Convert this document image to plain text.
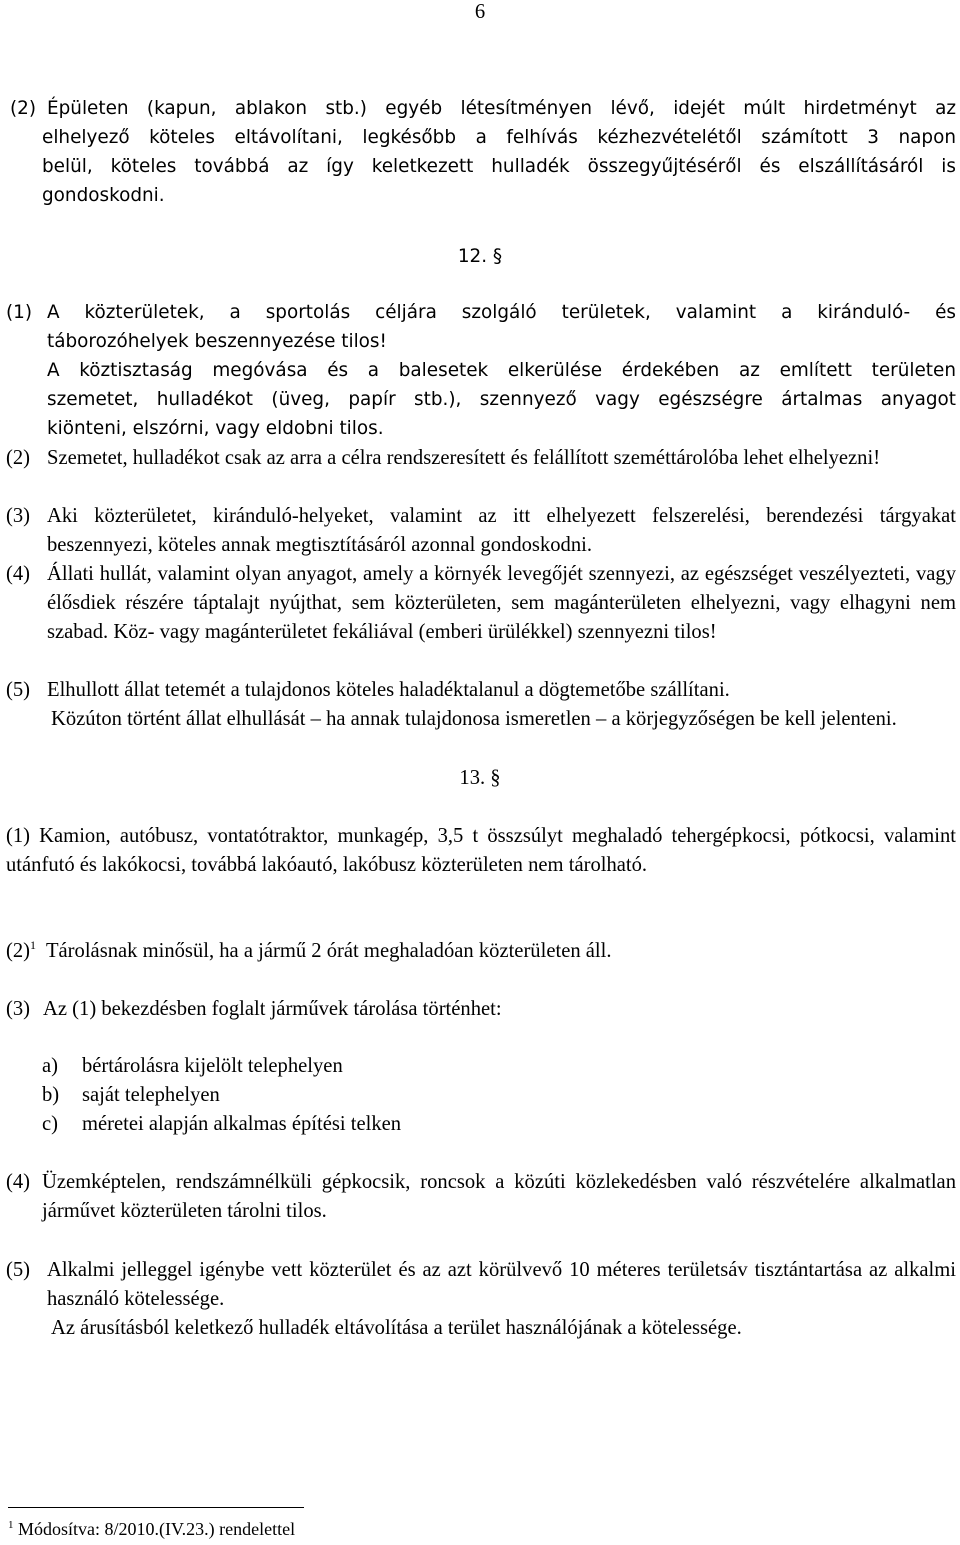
6
(2) Épületen (kapun, ablakon stb.) egyéb létesítményen lévő, idejét múlt hirdetményt az
elhelyező köteles eltávolítani, legkésőbb a felhívás kézhezvételétől számított 3 napon
belül, köteles továbbá az így keletkezett hulladék összegyűjtéséről és elszállításáról is
gondoskodni.
12. §
(1) A közterületek, a sportolás céljára szolgáló területek, valamint a kiránduló- és
táborozóhelyek beszennyezése tilos!
A köztisztaság megóvása és a balesetek elkerülése érdekében az említett területen
szemetet, hulladékot (üveg, papír stb.), szennyező vagy egészségre ártalmas anyagot
kiönteni, elszórni, vagy eldobni tilos.
(2) Szemetet, hulladékot csak az arra a célra rendszeresített és felállított szeméttárolóba lehet elhelyezni!
(3) Aki közterületet, kiránduló-helyeket, valamint az itt elhelyezett felszerelési, berendezési tárgyakat beszennyezi, köteles annak megtisztításáról azonnal gondoskodni.
(4) Állati hullát, valamint olyan anyagot, amely a környék levegőjét szennyezi, az egészséget veszélyezteti, vagy élősdiek részére táptalajt nyújthat, sem közterületen, sem magánterületen elhelyezni, vagy elhagyni nem szabad. Köz- vagy magánterületet fekáliával (emberi ürülékkel) szennyezni tilos!
(5) Elhullott állat tetemét a tulajdonos köteles haladéktalanul a dögtemetőbe szállítani.
Közúton történt állat elhullását – ha annak tulajdonosa ismeretlen – a körjegyzőségen be kell jelenteni.
13. §
(1) Kamion, autóbusz, vontatótraktor, munkagép, 3,5 t összsúlyt meghaladó tehergépkocsi, pótkocsi, valamint utánfutó és lakókocsi, továbbá lakóautó, lakóbusz közterületen nem tárolható.
$(2)^1$ Tárolásnak minősül, ha a jármű 2 órát meghaladóan közterületen áll.
(3) Az (1) bekezdésben foglalt járművek tárolása történhet:
a) bértárolásra kijelölt telephelyen
b) saját telephelyen
c) méretei alapján alkalmas építési telken
(4) Üzemképtelen, rendszámnélküli gépkocsik, roncsok a közúti közlekedésben való részvételére alkalmatlan járművet közterületen tárolni tilos.
(5) Alkalmi jelleggel igénybe vett közterület és az azt körülvevő 10 méteres területsáv tisztántartása az alkalmi használó kötelessége.
Az árusításból keletkező hulladék eltávolítása a terület használójának a kötelessége.
$^1$ Módosítva: 8/2010.(IV.23.) rendelettel
